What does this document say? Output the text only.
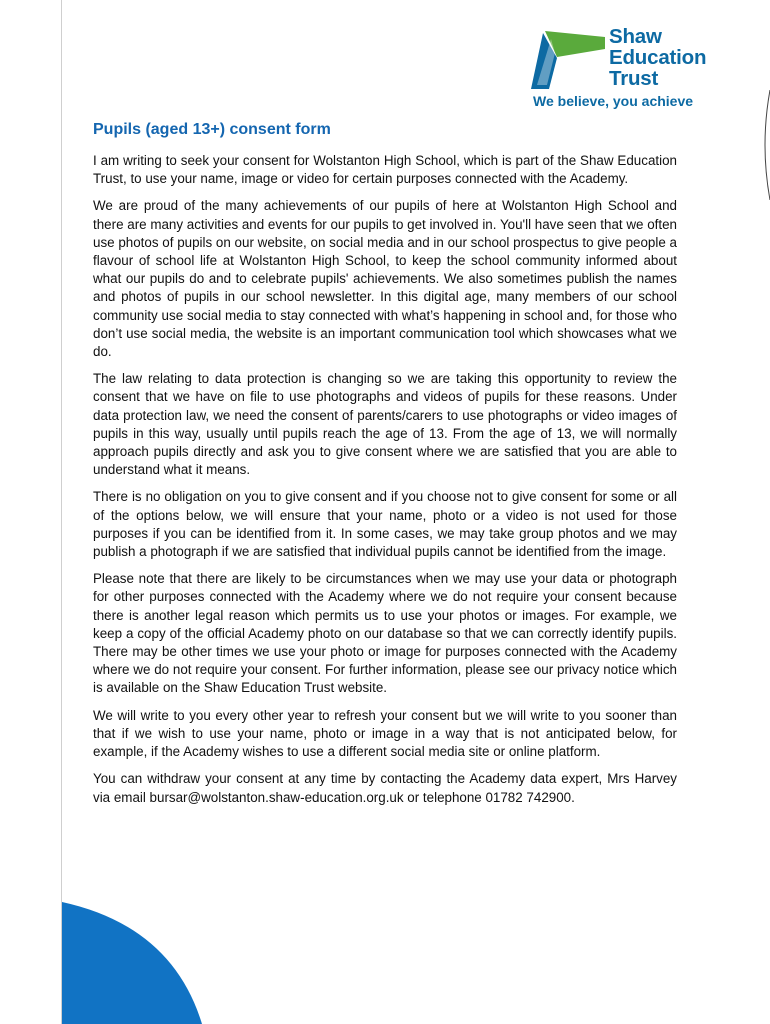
Shaw
Education
Trust
We believe, you achieve
Pupils (aged 13+) consent form

I am writing to seek your consent for Wolstanton High School, which is part of the Shaw Education Trust, to use your name, image or video for certain purposes connected with the Academy.

We are proud of the many achievements of our pupils of here at Wolstanton High School and there are many activities and events for our pupils to get involved in. You'll have seen that we often use photos of pupils on our website, on social media and in our school prospectus to give people a flavour of school life at Wolstanton High School, to keep the school community informed about what our pupils do and to celebrate pupils' achievements. We also sometimes publish the names and photos of pupils in our school newsletter. In this digital age, many members of our school community use social media to stay connected with what’s happening in school and, for those who don’t use social media, the website is an important communication tool which showcases what we do.

The law relating to data protection is changing so we are taking this opportunity to review the consent that we have on file to use photographs and videos of pupils for these reasons. Under data protection law, we need the consent of parents/carers to use photographs or video images of pupils in this way, usually until pupils reach the age of 13. From the age of 13, we will normally approach pupils directly and ask you to give consent where we are satisfied that you are able to understand what it means.

There is no obligation on you to give consent and if you choose not to give consent for some or all of the options below, we will ensure that your name, photo or a video is not used for those purposes if you can be identified from it. In some cases, we may take group photos and we may publish a photograph if we are satisfied that individual pupils cannot be identified from the image.

Please note that there are likely to be circumstances when we may use your data or photograph for other purposes connected with the Academy where we do not require your consent because there is another legal reason which permits us to use your photos or images. For example, we keep a copy of the official Academy photo on our database so that we can correctly identify pupils. There may be other times we use your photo or image for purposes connected with the Academy where we do not require your consent. For further information, please see our privacy notice which is available on the Shaw Education Trust website.

We will write to you every other year to refresh your consent but we will write to you sooner than that if we wish to use your name, photo or image in a way that is not anticipated below, for example, if the Academy wishes to use a different social media site or online platform.

You can withdraw your consent at any time by contacting the Academy data expert, Mrs Harvey via email bursar@wolstanton.shaw-education.org.uk or telephone 01782 742900.
